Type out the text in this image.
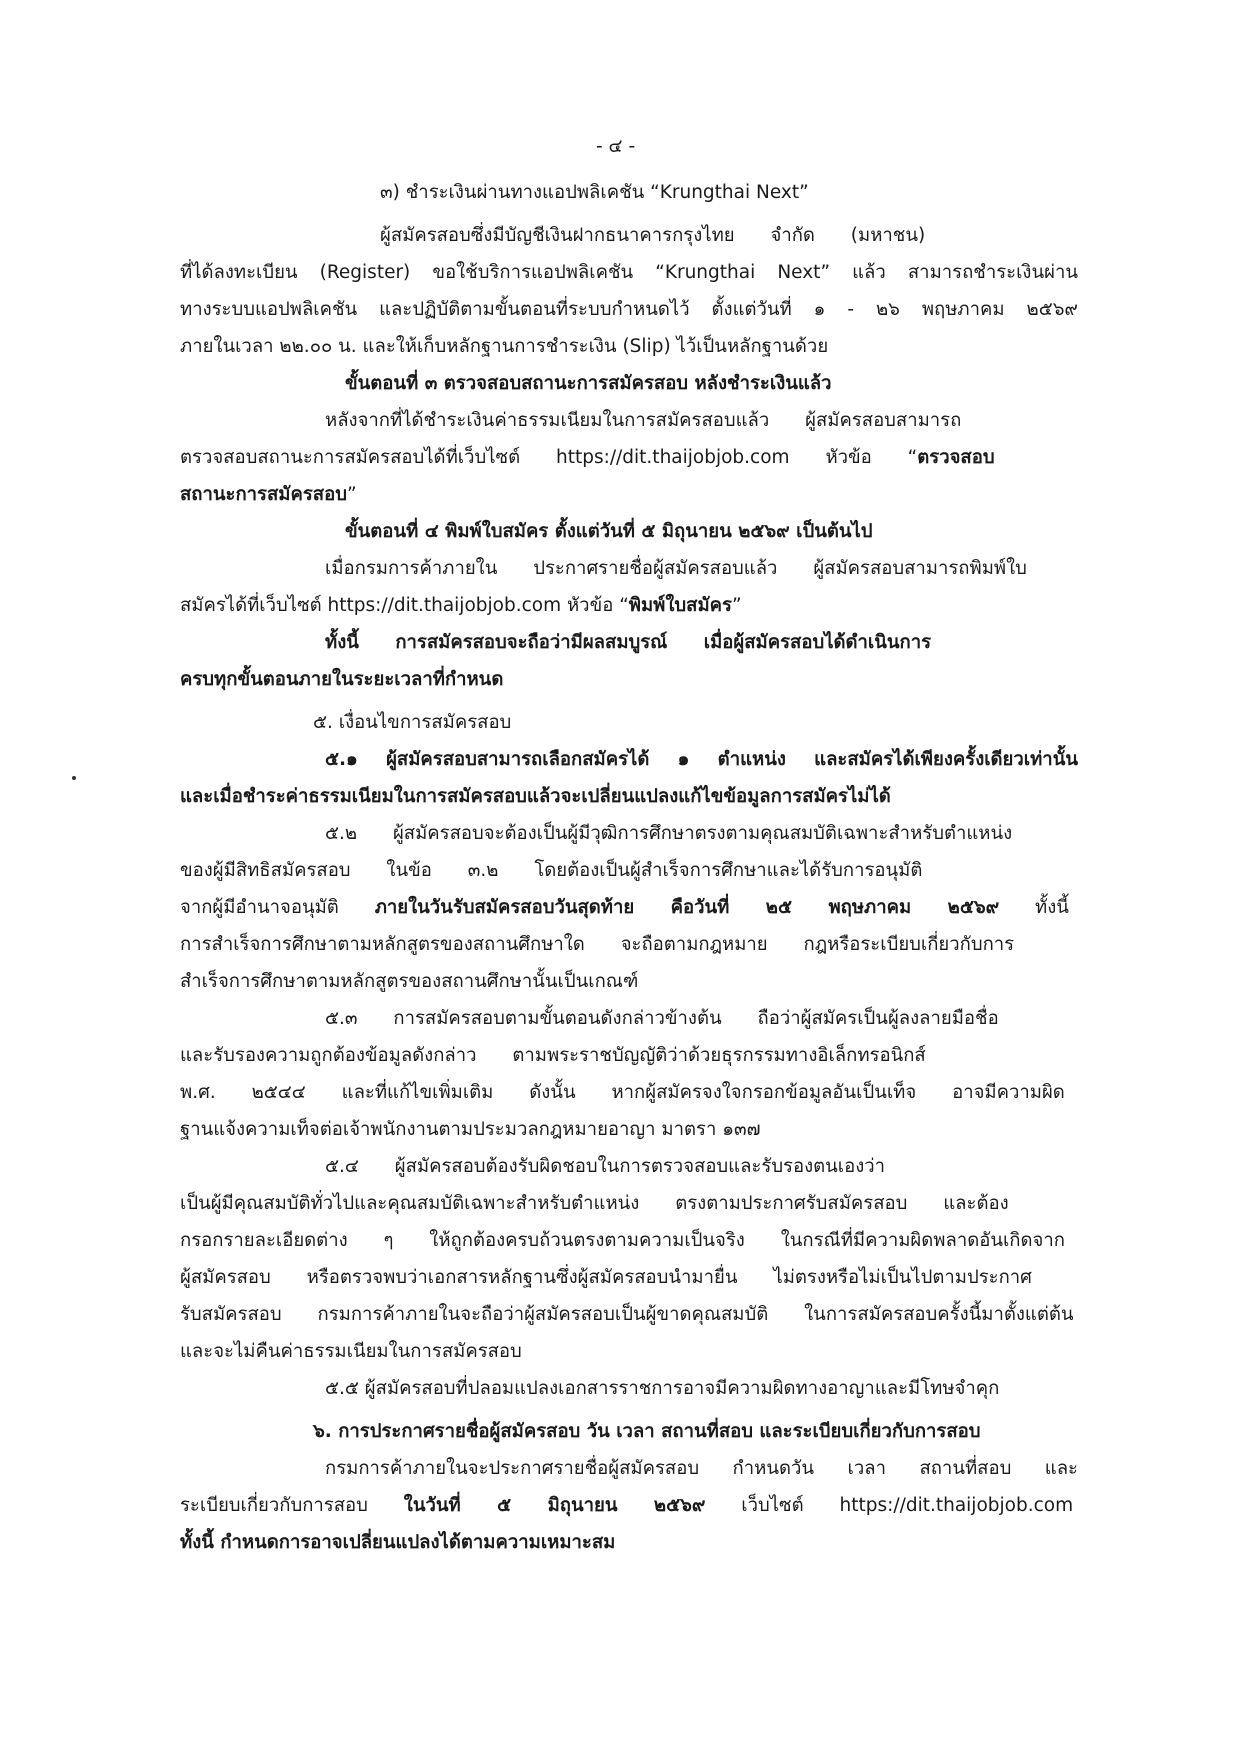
- ๔ -
๓) ชำระเงินผ่านทางแอปพลิเคชัน “Krungthai Next”
ผู้สมัครสอบซึ่งมีบัญชีเงินฝากธนาคารกรุงไทย จำกัด (มหาชน)
ที่ได้ลงทะเบียน (Register) ขอใช้บริการแอปพลิเคชัน “Krungthai Next” แล้ว สามารถชำระเงินผ่าน
ทางระบบแอปพลิเคชัน และปฏิบัติตามขั้นตอนที่ระบบกำหนดไว้ ตั้งแต่วันที่ ๑ - ๒๖ พฤษภาคม ๒๕๖๙
ภายในเวลา ๒๒.๐๐ น. และให้เก็บหลักฐานการชำระเงิน (Slip) ไว้เป็นหลักฐานด้วย
ขั้นตอนที่ ๓ ตรวจสอบสถานะการสมัครสอบ หลังชำระเงินแล้ว
หลังจากที่ได้ชำระเงินค่าธรรมเนียมในการสมัครสอบแล้ว ผู้สมัครสอบสามารถ
ตรวจสอบสถานะการสมัครสอบได้ที่เว็บไซต์ https://dit.thaijobjob.com หัวข้อ “ตรวจสอบ
สถานะการสมัครสอบ”
ขั้นตอนที่ ๔ พิมพ์ใบสมัคร ตั้งแต่วันที่ ๕ มิถุนายน ๒๕๖๙ เป็นต้นไป
เมื่อกรมการค้าภายใน ประกาศรายชื่อผู้สมัครสอบแล้ว ผู้สมัครสอบสามารถพิมพ์ใบ
สมัครได้ที่เว็บไซต์ https://dit.thaijobjob.com หัวข้อ “พิมพ์ใบสมัคร”
ทั้งนี้ การสมัครสอบจะถือว่ามีผลสมบูรณ์ เมื่อผู้สมัครสอบได้ดำเนินการ
ครบทุกขั้นตอนภายในระยะเวลาที่กำหนด
๕. เงื่อนไขการสมัครสอบ
๕.๑ ผู้สมัครสอบสามารถเลือกสมัครได้ ๑ ตำแหน่ง และสมัครได้เพียงครั้งเดียวเท่านั้น
และเมื่อชำระค่าธรรมเนียมในการสมัครสอบแล้วจะเปลี่ยนแปลงแก้ไขข้อมูลการสมัครไม่ได้
๕.๒ ผู้สมัครสอบจะต้องเป็นผู้มีวุฒิการศึกษาตรงตามคุณสมบัติเฉพาะสำหรับตำแหน่ง
ของผู้มีสิทธิสมัครสอบ ในข้อ ๓.๒ โดยต้องเป็นผู้สำเร็จการศึกษาและได้รับการอนุมัติ
จากผู้มีอำนาจอนุมัติ ภายในวันรับสมัครสอบวันสุดท้าย คือวันที่ ๒๕ พฤษภาคม ๒๕๖๙ ทั้งนี้
การสำเร็จการศึกษาตามหลักสูตรของสถานศึกษาใด จะถือตามกฎหมาย กฎหรือระเบียบเกี่ยวกับการ
สำเร็จการศึกษาตามหลักสูตรของสถานศึกษานั้นเป็นเกณฑ์
๕.๓ การสมัครสอบตามขั้นตอนดังกล่าวข้างต้น ถือว่าผู้สมัครเป็นผู้ลงลายมือชื่อ
และรับรองความถูกต้องข้อมูลดังกล่าว ตามพระราชบัญญัติว่าด้วยธุรกรรมทางอิเล็กทรอนิกส์
พ.ศ. ๒๕๔๔ และที่แก้ไขเพิ่มเติม ดังนั้น หากผู้สมัครจงใจกรอกข้อมูลอันเป็นเท็จ อาจมีความผิด
ฐานแจ้งความเท็จต่อเจ้าพนักงานตามประมวลกฎหมายอาญา มาตรา ๑๓๗
๕.๔ ผู้สมัครสอบต้องรับผิดชอบในการตรวจสอบและรับรองตนเองว่า
เป็นผู้มีคุณสมบัติทั่วไปและคุณสมบัติเฉพาะสำหรับตำแหน่ง ตรงตามประกาศรับสมัครสอบ และต้อง
กรอกรายละเอียดต่าง ๆ ให้ถูกต้องครบถ้วนตรงตามความเป็นจริง ในกรณีที่มีความผิดพลาดอันเกิดจาก
ผู้สมัครสอบ หรือตรวจพบว่าเอกสารหลักฐานซึ่งผู้สมัครสอบนำมายื่น ไม่ตรงหรือไม่เป็นไปตามประกาศ
รับสมัครสอบ กรมการค้าภายในจะถือว่าผู้สมัครสอบเป็นผู้ขาดคุณสมบัติ ในการสมัครสอบครั้งนี้มาตั้งแต่ต้น
และจะไม่คืนค่าธรรมเนียมในการสมัครสอบ
๕.๕ ผู้สมัครสอบที่ปลอมแปลงเอกสารราชการอาจมีความผิดทางอาญาและมีโทษจำคุก
๖. การประกาศรายชื่อผู้สมัครสอบ วัน เวลา สถานที่สอบ และระเบียบเกี่ยวกับการสอบ
กรมการค้าภายในจะประกาศรายชื่อผู้สมัครสอบ กำหนดวัน เวลา สถานที่สอบ และ
ระเบียบเกี่ยวกับการสอบ ในวันที่ ๕ มิถุนายน ๒๕๖๙ เว็บไซต์ https://dit.thaijobjob.com
ทั้งนี้ กำหนดการอาจเปลี่ยนแปลงได้ตามความเหมาะสม
